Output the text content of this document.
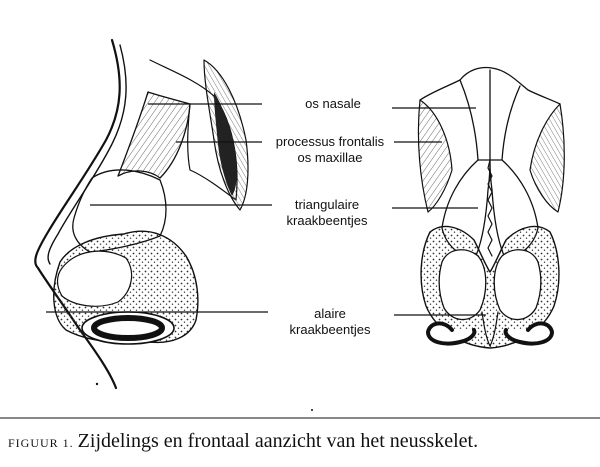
os nasale
processus frontalis
os maxillae
triangulaire
kraakbeentjes
alaire
kraakbeentjes
FIGUUR 1. Zijdelings en frontaal aanzicht van het neusskelet.
